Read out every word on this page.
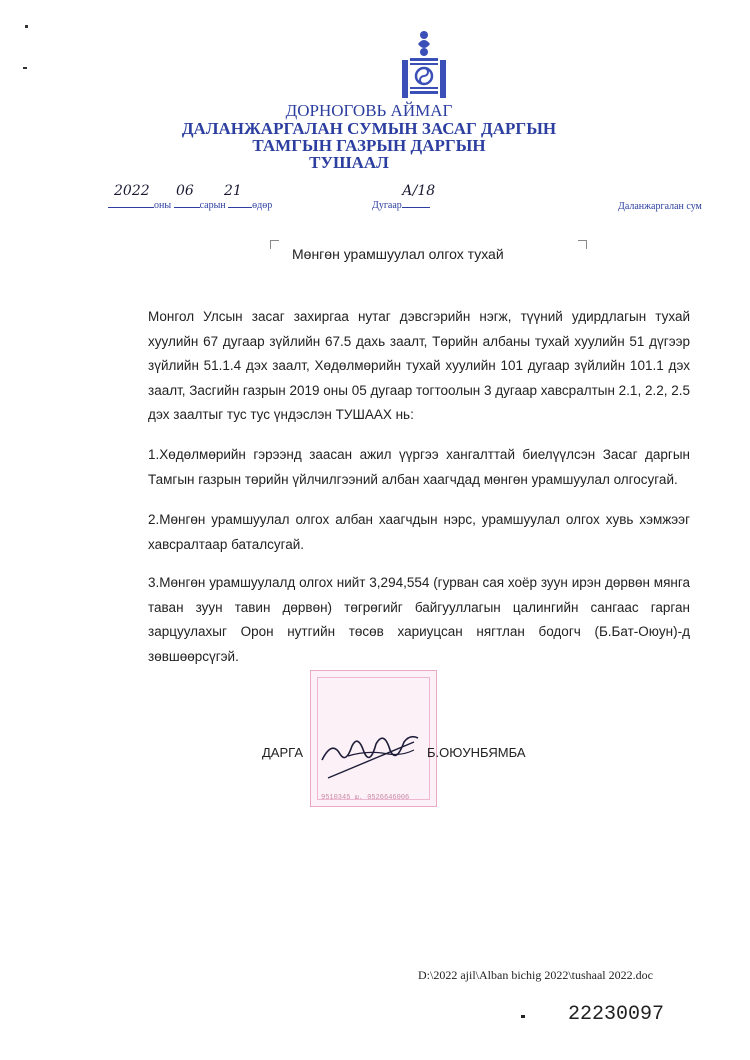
ДОРНОГОВЬ АЙМАГ
ДАЛАНЖАРГАЛАН СУМЫН ЗАСАГ ДАРГЫН
ТАМГЫН ГАЗРЫН ДАРГЫН
ТУШААЛ
2022
оны
06
сарын
21
өдөр	Дугаар
А/18
Даланжаргалан сум
Мөнгөн урамшуулал олгох тухай

Монгол Улсын засаг захиргаа нутаг дэвсгэрийн нэгж, түүний удирдлагын тухай хуулийн 67 дугаар зүйлийн 67.5 дахь заалт, Төрийн албаны тухай хуулийн 51 дүгээр зүйлийн 51.1.4 дэх заалт, Хөдөлмөрийн тухай хуулийн 101 дугаар зүйлийн 101.1 дэх заалт, Засгийн газрын 2019 оны 05 дугаар тогтоолын 3 дугаар хавсралтын 2.1, 2.2, 2.5 дэх заалтыг тус тус үндэслэн ТУШААХ нь:

1.Хөдөлмөрийн гэрээнд заасан ажил үүргээ хангалттай биелүүлсэн Засаг даргын Тамгын газрын төрийн үйлчилгээний албан хаагчдад мөнгөн урамшуулал олгосугай.

2.Мөнгөн урамшуулал олгох албан хаагчдын нэрс, урамшуулал олгох хувь хэмжээг хавсралтаар баталсугай.

3.Мөнгөн урамшуулалд олгох нийт 3,294,554 (гурван сая хоёр зуун ирэн дөрвөн мянга таван зуун тавин дөрвөн) төгрөгийг байгууллагын цалингийн сангаас гарган зарцуулахыг Орон нутгийн төсөв хариуцсан нягтлан бодогч (Б.Бат-Оюун)-д зөвшөөрсүгэй.

9510345 ш. 0526646006
ДАРГА	Б.ОЮУНБЯМБА
D:\2022 ajil\Alban bichig 2022\tushaal 2022.doc
22230097
